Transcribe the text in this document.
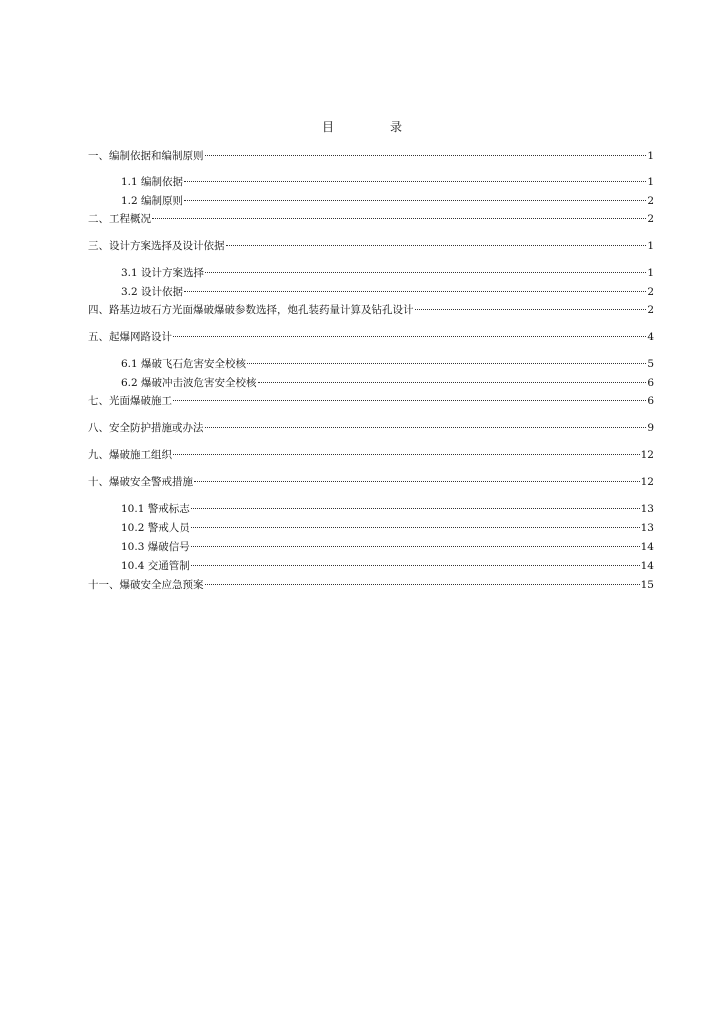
目　录
一、编制依据和编制原则	1
1.1 编制依据	1
1.2 编制原则	2
二、工程概况	2
三、设计方案选择及设计依据	1
3.1 设计方案选择	1
3.2 设计依据	2
四、路基边坡石方光面爆破爆破参数选择，炮孔装药量计算及钻孔设计	2
五、起爆网路设计	4
6.1 爆破飞石危害安全校核	5
6.2 爆破冲击波危害安全校核	6
七、光面爆破施工	6
八、安全防护措施或办法	9
九、爆破施工组织	12
十、爆破安全警戒措施	12
10.1 警戒标志	13
10.2 警戒人员	13
10.3 爆破信号	14
10.4 交通管制	14
十一、爆破安全应急预案	15
